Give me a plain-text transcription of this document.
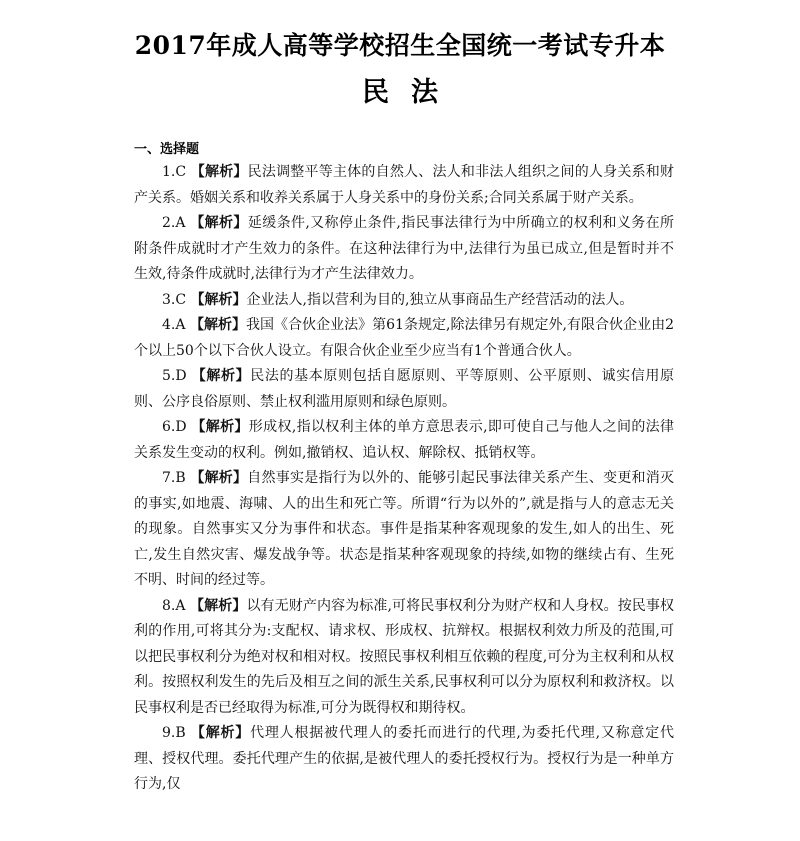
2017年成人高等学校招生全国统一考试专升本
民法
一、选择题

1.C 【解析】民法调整平等主体的自然人、法人和非法人组织之间的人身关系和财产关系。婚姻关系和收养关系属于人身关系中的身份关系;合同关系属于财产关系。

2.A 【解析】延缓条件,又称停止条件,指民事法律行为中所确立的权利和义务在所附条件成就时才产生效力的条件。在这种法律行为中,法律行为虽已成立,但是暂时并不生效,待条件成就时,法律行为才产生法律效力。

3.C 【解析】企业法人,指以营利为目的,独立从事商品生产经营活动的法人。

4.A 【解析】我国《合伙企业法》第61条规定,除法律另有规定外,有限合伙企业由2个以上50个以下合伙人设立。有限合伙企业至少应当有1个普通合伙人。

5.D 【解析】民法的基本原则包括自愿原则、平等原则、公平原则、诚实信用原则、公序良俗原则、禁止权利滥用原则和绿色原则。

6.D 【解析】形成权,指以权利主体的单方意思表示,即可使自己与他人之间的法律关系发生变动的权利。例如,撤销权、追认权、解除权、抵销权等。

7.B 【解析】自然事实是指行为以外的、能够引起民事法律关系产生、变更和消灭的事实,如地震、海啸、人的出生和死亡等。所谓“行为以外的”,就是指与人的意志无关的现象。自然事实又分为事件和状态。事件是指某种客观现象的发生,如人的出生、死亡,发生自然灾害、爆发战争等。状态是指某种客观现象的持续,如物的继续占有、生死不明、时间的经过等。

8.A 【解析】以有无财产内容为标准,可将民事权利分为财产权和人身权。按民事权利的作用,可将其分为:支配权、请求权、形成权、抗辩权。根据权利效力所及的范围,可以把民事权利分为绝对权和相对权。按照民事权利相互依赖的程度,可分为主权利和从权利。按照权利发生的先后及相互之间的派生关系,民事权利可以分为原权利和救济权。以民事权利是否已经取得为标准,可分为既得权和期待权。

9.B 【解析】代理人根据被代理人的委托而进行的代理,为委托代理,又称意定代理、授权代理。委托代理产生的依据,是被代理人的委托授权行为。授权行为是一种单方行为,仅
